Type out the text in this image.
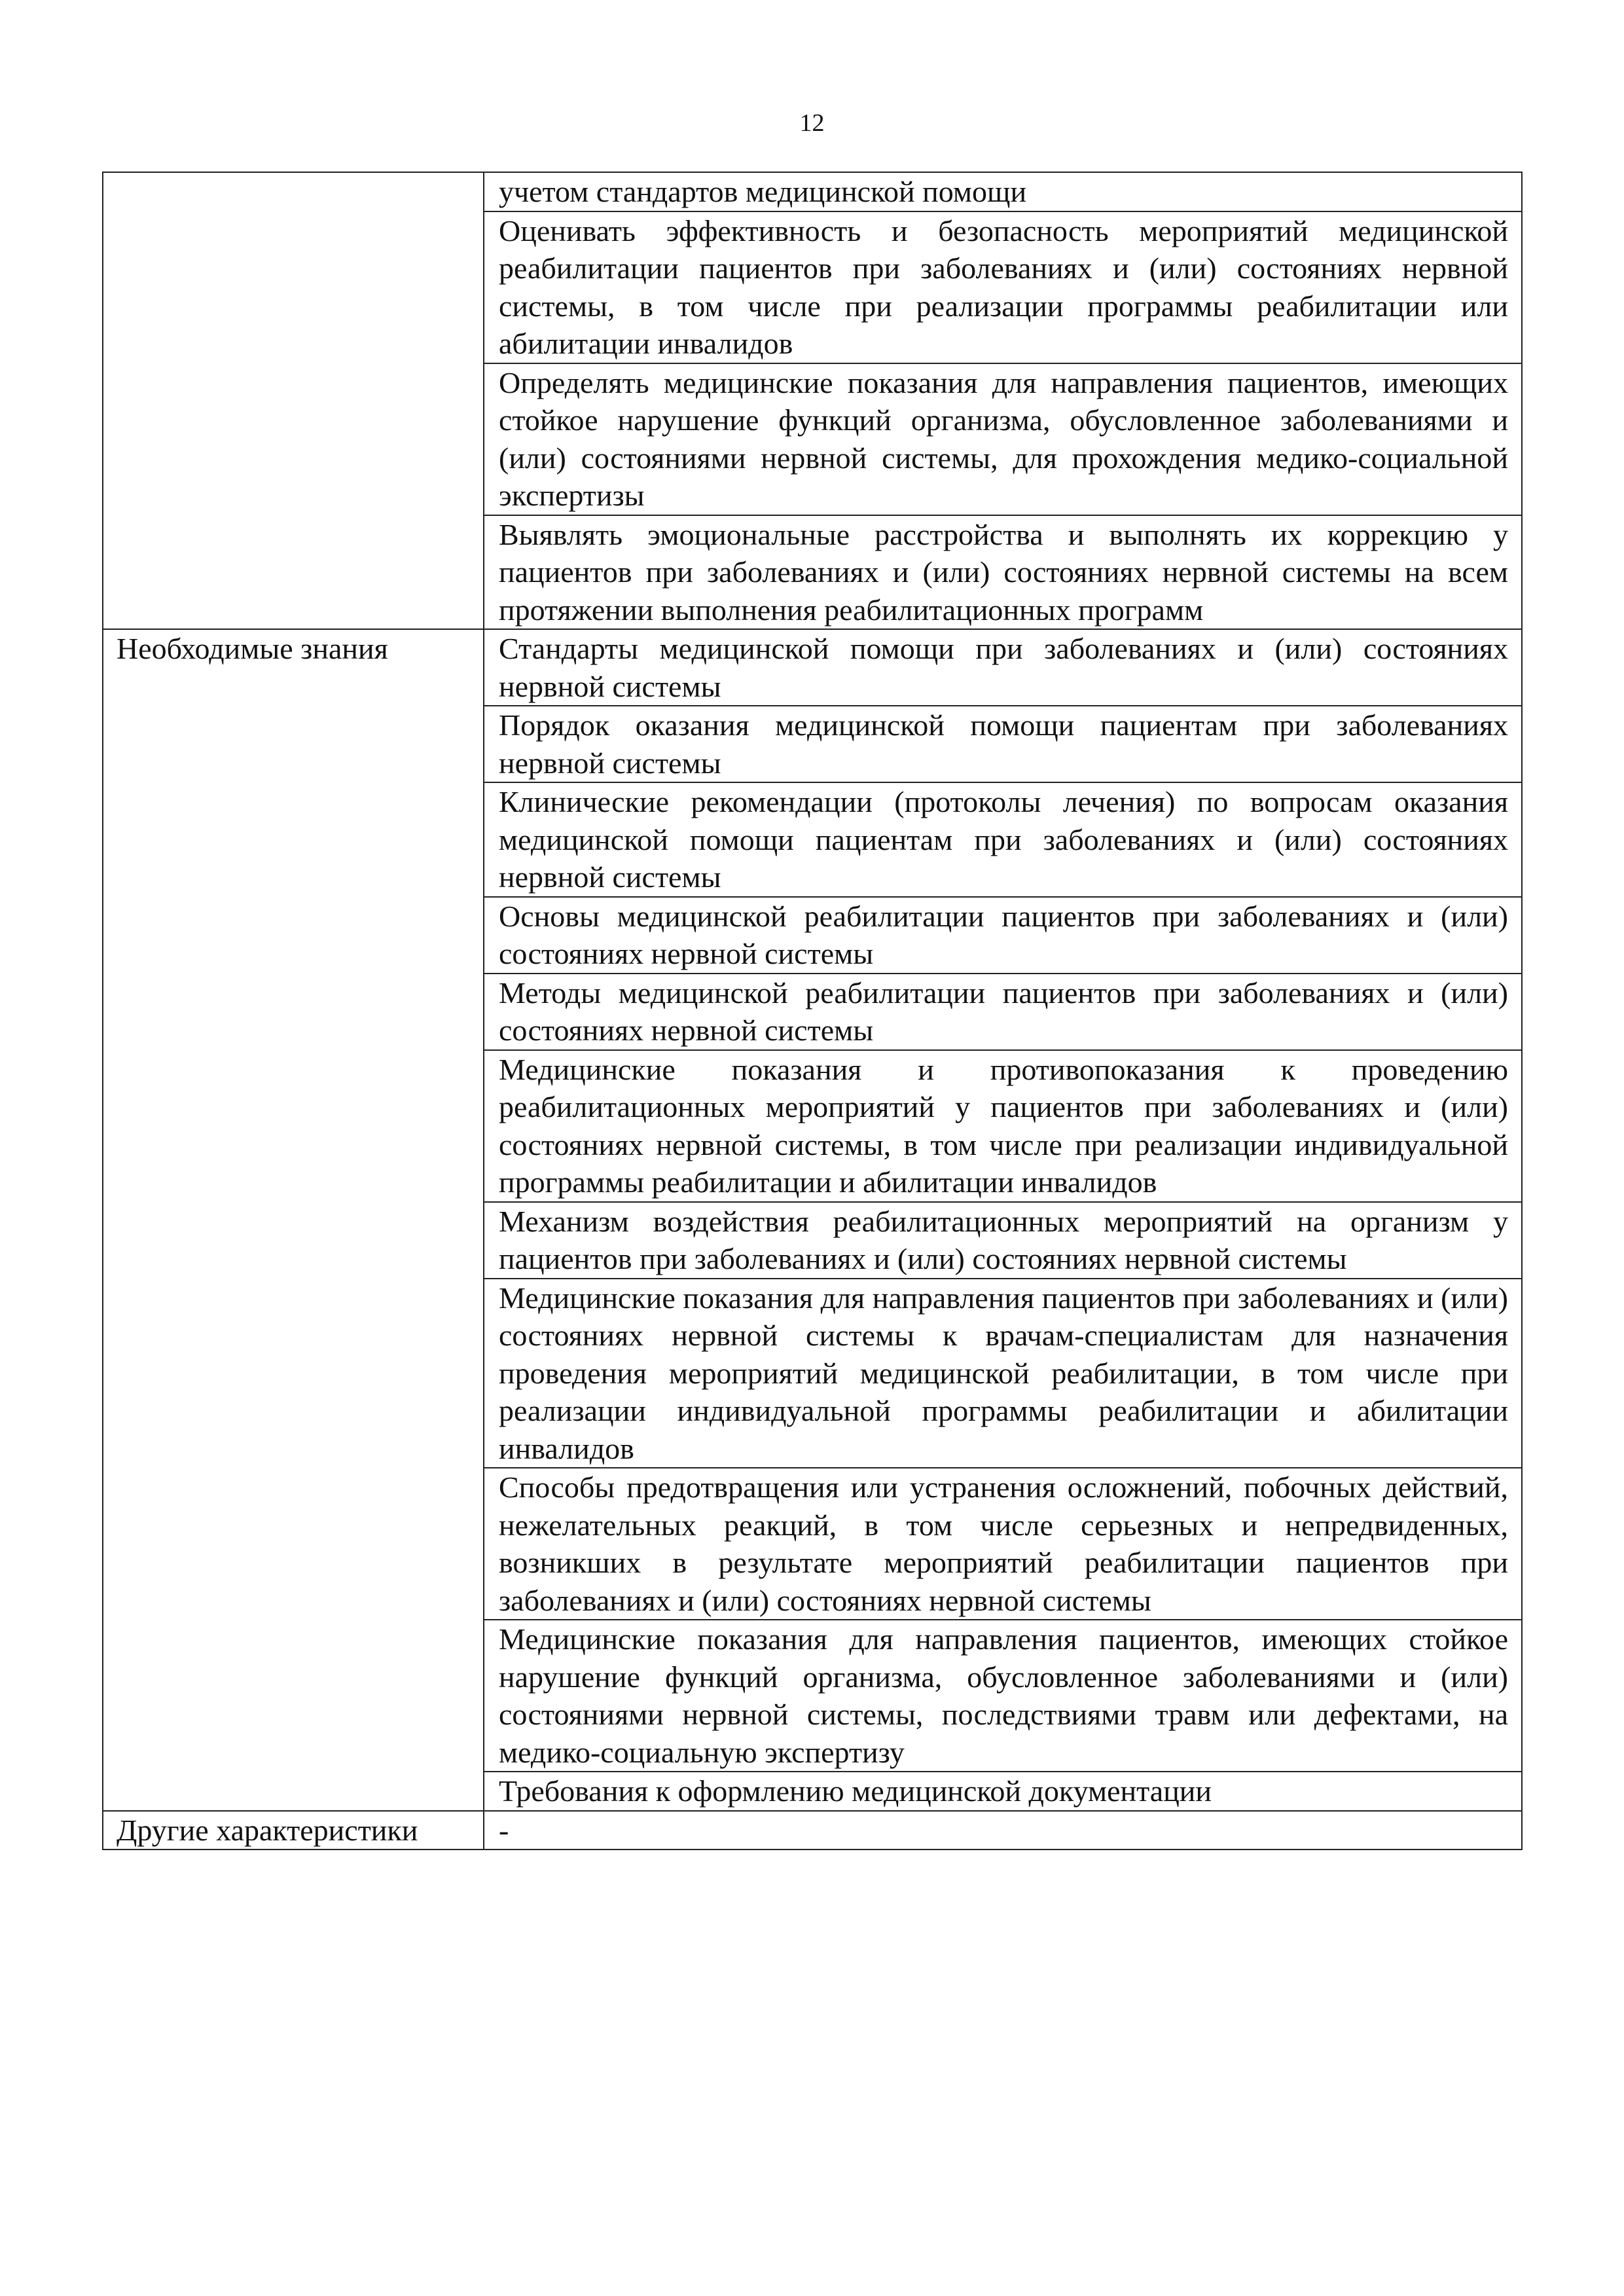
12
	учетом стандартов медицинской помощи
	Оценивать эффективность и безопасность мероприятий медицинской реабилитации пациентов при заболеваниях и (или) состояниях нервной системы, в том числе при реализации программы реабилитации или абилитации инвалидов
	Определять медицинские показания для направления пациентов, имеющих стойкое нарушение функций организма, обусловленное заболеваниями и (или) состояниями нервной системы, для прохождения медико-социальной экспертизы
	Выявлять эмоциональные расстройства и выполнять их коррекцию у пациентов при заболеваниях и (или) состояниях нервной системы на всем протяжении выполнения реабилитационных программ
Необходимые знания	Стандарты медицинской помощи при заболеваниях и (или) состояниях нервной системы
	Порядок оказания медицинской помощи пациентам при заболеваниях нервной системы
	Клинические рекомендации (протоколы лечения) по вопросам оказания медицинской помощи пациентам при заболеваниях и (или) состояниях нервной системы
	Основы медицинской реабилитации пациентов при заболеваниях и (или) состояниях нервной системы
	Методы медицинской реабилитации пациентов при заболеваниях и (или) состояниях нервной системы
	Медицинские показания и противопоказания к проведению реабилитационных мероприятий у пациентов при заболеваниях и (или) состояниях нервной системы, в том числе при реализации индивидуальной программы реабилитации и абилитации инвалидов
	Механизм воздействия реабилитационных мероприятий на организм у пациентов при заболеваниях и (или) состояниях нервной системы
	Медицинские показания для направления пациентов при заболеваниях и (или) состояниях нервной системы к врачам-специалистам для назначения проведения мероприятий медицинской реабилитации, в том числе при реализации индивидуальной программы реабилитации и абилитации инвалидов
	Способы предотвращения или устранения осложнений, побочных действий, нежелательных реакций, в том числе серьезных и непредвиденных, возникших в результате мероприятий реабилитации пациентов при заболеваниях и (или) состояниях нервной системы
	Медицинские показания для направления пациентов, имеющих стойкое нарушение функций организма, обусловленное заболеваниями и (или) состояниями нервной системы, последствиями травм или дефектами, на медико-социальную экспертизу
	Требования к оформлению медицинской документации
Другие характеристики	-
